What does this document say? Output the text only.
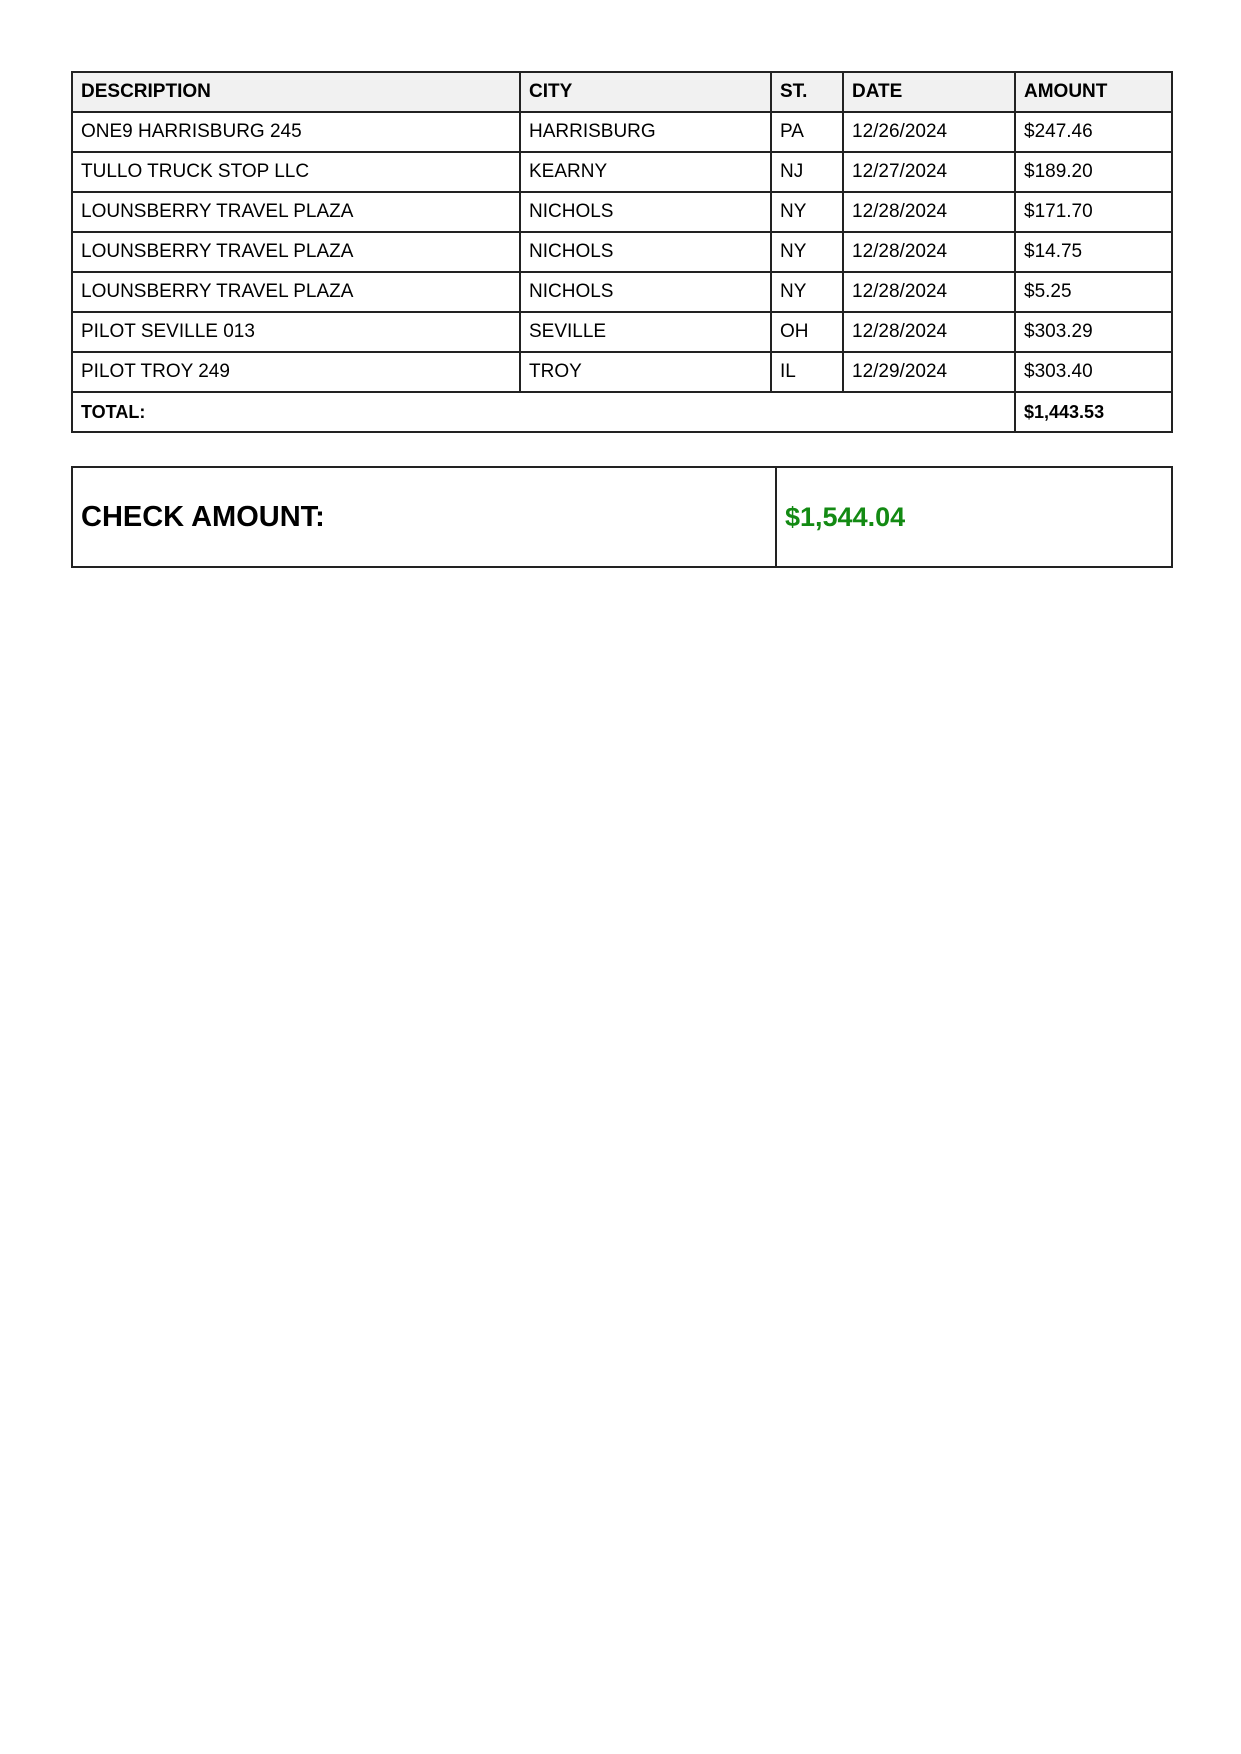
DESCRIPTION	CITY	ST.	DATE	AMOUNT
ONE9 HARRISBURG 245	HARRISBURG	PA	12/26/2024	$247.46
TULLO TRUCK STOP LLC	KEARNY	NJ	12/27/2024	$189.20
LOUNSBERRY TRAVEL PLAZA	NICHOLS	NY	12/28/2024	$171.70
LOUNSBERRY TRAVEL PLAZA	NICHOLS	NY	12/28/2024	$14.75
LOUNSBERRY TRAVEL PLAZA	NICHOLS	NY	12/28/2024	$5.25
PILOT SEVILLE 013	SEVILLE	OH	12/28/2024	$303.29
PILOT TROY 249	TROY	IL	12/29/2024	$303.40
TOTAL:				$1,443.53
CHECK AMOUNT:	$1,544.04
